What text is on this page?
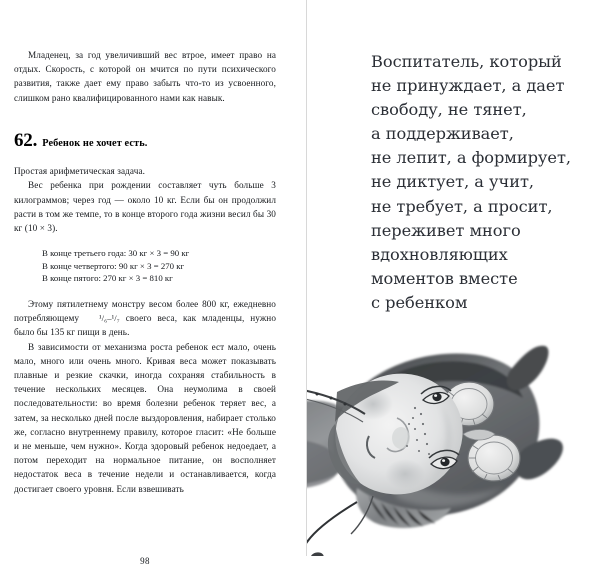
Младенец, за год увеличивший вес втрое, имеет право на отдых. Скорость, с которой он мчится по пути психического развития, также дает ему право забыть что-то из усвоенного, слишком рано квалифицированного нами как навык.

62. Ребенок не хочет есть.

Простая арифметическая задача.

Вес ребенка при рождении составляет чуть больше 3 килограммов; через год — около 10 кг. Если бы он продолжил расти в том же темпе, то в конце второго года жизни весил бы 30 кг (10 × 3).

В конце третьего года: 30 кг × 3 = 90 кг
В конце четвертого: 90 кг × 3 = 270 кг
В конце пятого: 270 кг × 3 = 810 кг

Этому пятилетнему монстру весом более 800 кг, ежедневно потребляющему ¹/₆–¹/₇ своего веса, как младенцы, нужно было бы 135 кг пищи в день.

В зависимости от механизма роста ребенок ест мало, очень мало, много или очень много. Кривая веса может показывать плавные и резкие скачки, иногда сохраняя стабильность в течение нескольких месяцев. Она неумолима в своей последовательности: во время болезни ребенок теряет вес, а затем, за несколько дней после выздоровления, набирает столько же, согласно внутреннему правилу, которое гласит: «Не больше и не меньше, чем нужно». Когда здоровый ребенок недоедает, а потом переходит на нормальное питание, он восполняет недостаток веса в течение недели и останавливается, когда достигает своего уровня. Если взвешивать

98
Воспитатель, который
не принуждает, а дает
свободу, не тянет,
а поддерживает,
не лепит, а формирует,
не диктует, а учит,
не требует, а просит,
переживет много
вдохновляющих
моментов вместе
с ребенком
